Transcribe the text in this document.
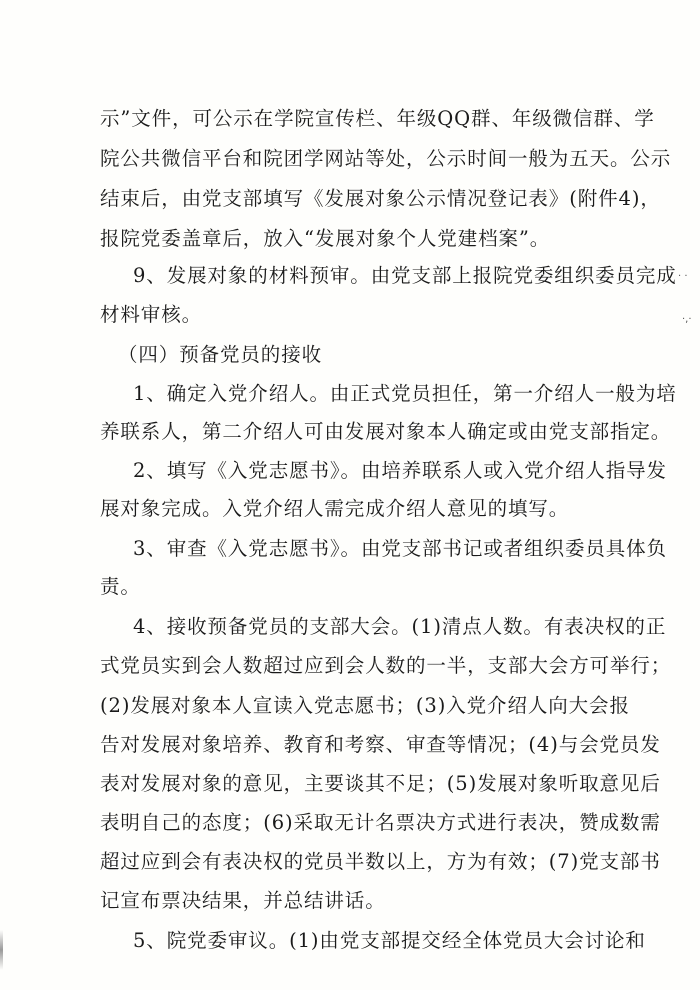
示”文件，可公示在学院宣传栏、年级QQ群、年级微信群、学
院公共微信平台和院团学网站等处，公示时间一般为五天。公示
结束后，由党支部填写《发展对象公示情况登记表》(附件4)，
报院党委盖章后，放入“发展对象个人党建档案”。
9、发展对象的材料预审。由党支部上报院党委组织委员完成
材料审核。
（四）预备党员的接收
1、确定入党介绍人。由正式党员担任，第一介绍人一般为培
养联系人，第二介绍人可由发展对象本人确定或由党支部指定。
2、填写《入党志愿书》。由培养联系人或入党介绍人指导发
展对象完成。入党介绍人需完成介绍人意见的填写。
3、审查《入党志愿书》。由党支部书记或者组织委员具体负
责。
4、接收预备党员的支部大会。(1)清点人数。有表决权的正
式党员实到会人数超过应到会人数的一半，支部大会方可举行；
(2)发展对象本人宣读入党志愿书；(3)入党介绍人向大会报
告对发展对象培养、教育和考察、审查等情况；(4)与会党员发
表对发展对象的意见，主要谈其不足；(5)发展对象听取意见后
表明自己的态度；(6)采取无计名票决方式进行表决，赞成数需
超过应到会有表决权的党员半数以上，方为有效；(7)党支部书
记宣布票决结果，并总结讲话。
5、院党委审议。(1)由党支部提交经全体党员大会讨论和
· ·
·,·
